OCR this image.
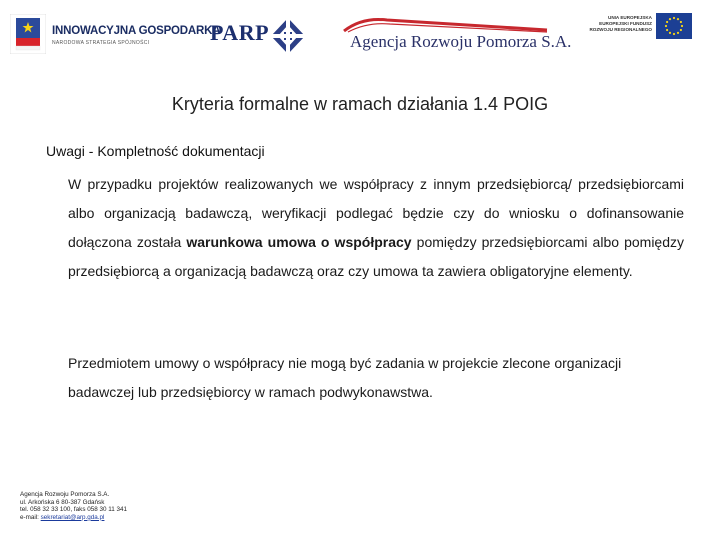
INNOWACYJNA GOSPODARKA
NARODOWA STRATEGIA SPÓJNOŚCI	PARP	Agencja Rozwoju Pomorza S.A.
UNIA EUROPEJSKA
EUROPEJSKI FUNDUSZ
ROZWOJU REGIONALNEGO
Kryteria formalne w ramach działania 1.4 POIG
Uwagi - Kompletność dokumentacji

W przypadku projektów realizowanych we współpracy z innym przedsiębiorcą/ przedsiębiorcami albo organizacją badawczą, weryfikacji podlegać będzie czy do wniosku o dofinansowanie dołączona została warunkowa umowa o współpracy pomiędzy przedsiębiorcami albo pomiędzy przedsiębiorcą a organizacją badawczą oraz czy umowa ta zawiera obligatoryjne elementy.

Przedmiotem umowy o współpracy nie mogą być zadania w projekcie zlecone organizacji badawczej lub przedsiębiorcy w ramach podwykonawstwa.

Agencja Rozwoju Pomorza S.A.
ul. Arkońska 6 80-387 Gdańsk
tel. 058 32 33 100, faks 058 30 11 341
e-mail: sekretariat@arp.gda.pl
